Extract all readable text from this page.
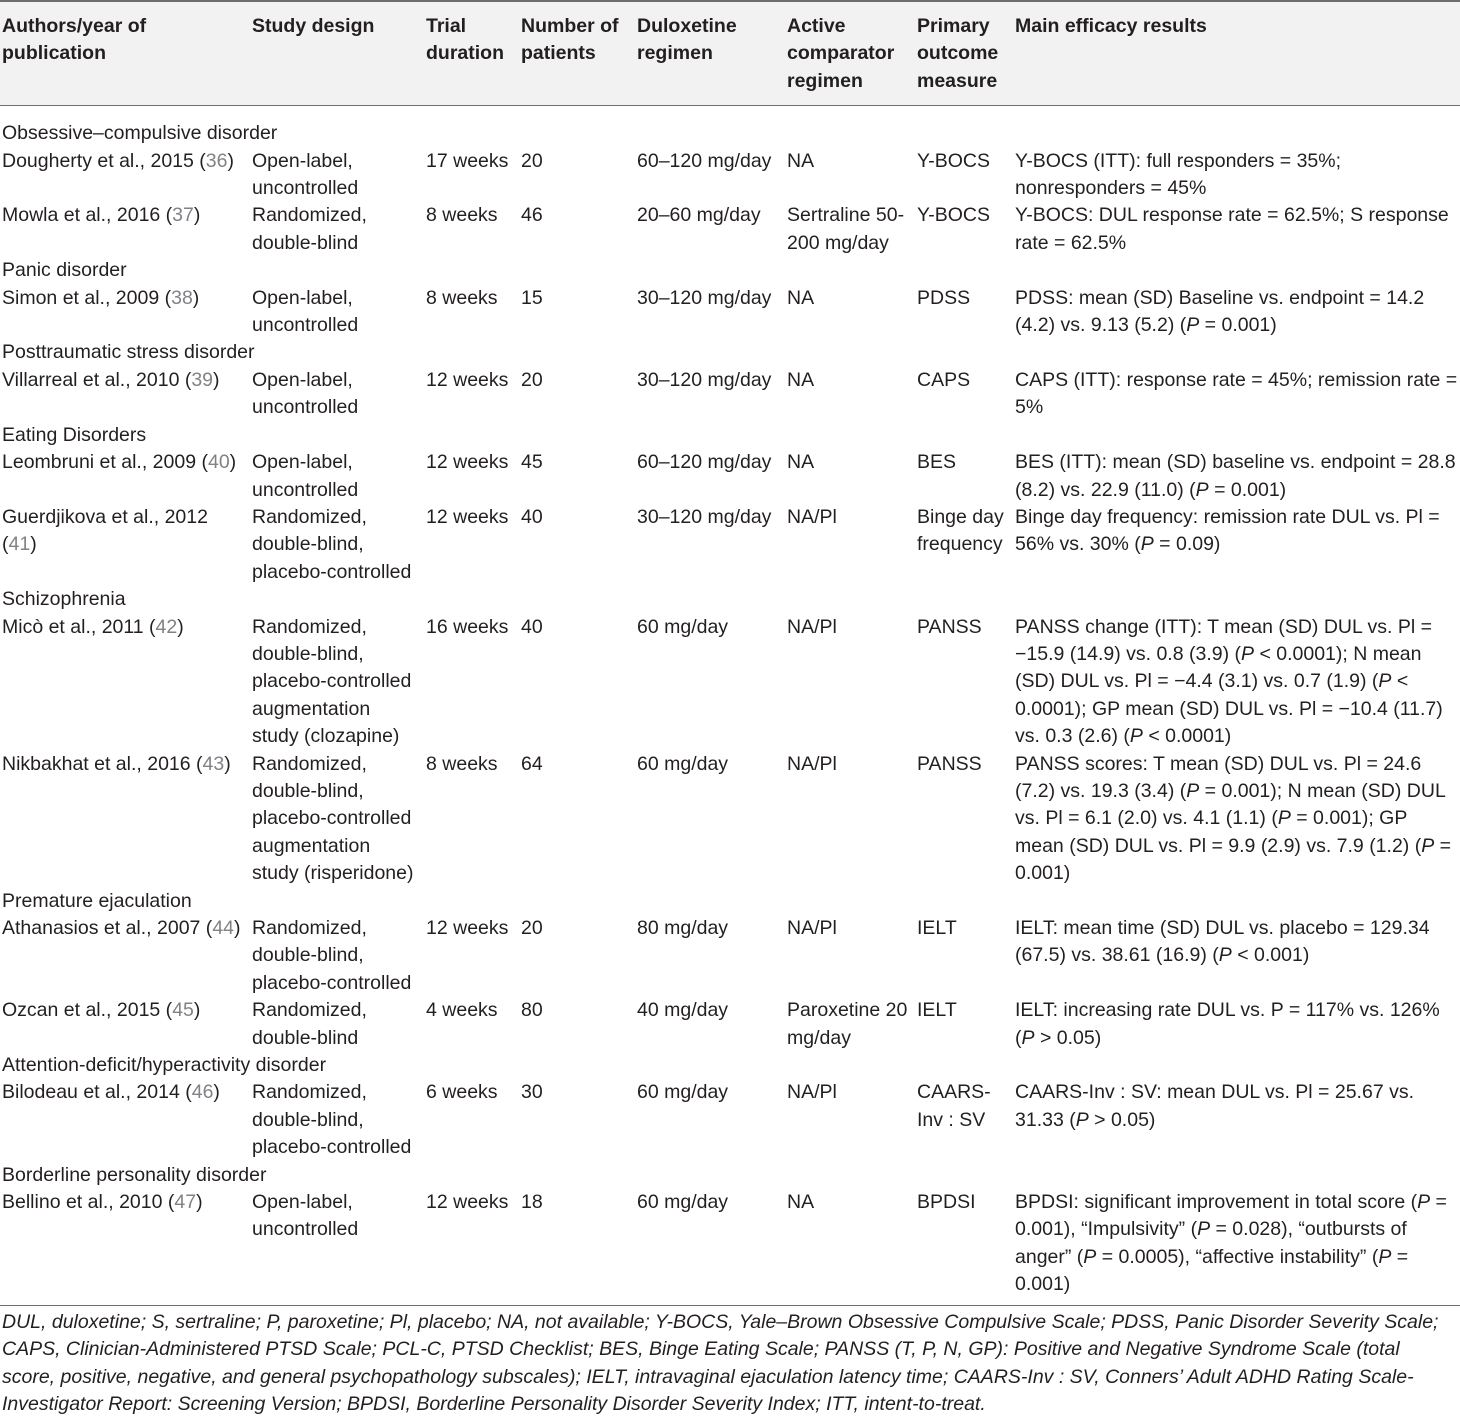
Authors/year of publication	Study design	Trial duration	Number of patients	Duloxetine regimen	Active comparator regimen	Primary outcome measure	Main efficacy results
Obsessive–compulsive disorder							
Dougherty et al., 2015 (36)	Open-label, uncontrolled	17 weeks	20	60–120 mg/day	NA	Y-BOCS	Y-BOCS (ITT): full responders = 35%; nonresponders = 45%
Mowla et al., 2016 (37)	Randomized, double-blind	8 weeks	46	20–60 mg/day	Sertraline 50-200 mg/day	Y-BOCS	Y-BOCS: DUL response rate = 62.5%; S response rate = 62.5%
Panic disorder							
Simon et al., 2009 (38)	Open-label, uncontrolled	8 weeks	15	30–120 mg/day	NA	PDSS	PDSS: mean (SD) Baseline vs. endpoint = 14.2 (4.2) vs. 9.13 (5.2) (P = 0.001)
Posttraumatic stress disorder							
Villarreal et al., 2010 (39)	Open-label, uncontrolled	12 weeks	20	30–120 mg/day	NA	CAPS	CAPS (ITT): response rate = 45%; remission rate = 5%
Eating Disorders							
Leombruni et al., 2009 (40)	Open-label, uncontrolled	12 weeks	45	60–120 mg/day	NA	BES	BES (ITT): mean (SD) baseline vs. endpoint = 28.8 (8.2) vs. 22.9 (11.0) (P = 0.001)
Guerdjikova et al., 2012 (41)	Randomized, double-blind, placebo-controlled	12 weeks	40	30–120 mg/day	NA/Pl	Binge day frequency	Binge day frequency: remission rate DUL vs. Pl = 56% vs. 30% (P = 0.09)
Schizophrenia							
Micò et al., 2011 (42)	Randomized, double-blind, placebo-controlled augmentation study (clozapine)	16 weeks	40	60 mg/day	NA/Pl	PANSS	PANSS change (ITT): T mean (SD) DUL vs. Pl = −15.9 (14.9) vs. 0.8 (3.9) (P < 0.0001); N mean (SD) DUL vs. Pl = −4.4 (3.1) vs. 0.7 (1.9) (P < 0.0001); GP mean (SD) DUL vs. Pl = −10.4 (11.7) vs. 0.3 (2.6) (P < 0.0001)
Nikbakhat et al., 2016 (43)	Randomized, double-blind, placebo-controlled augmentation study (risperidone)	8 weeks	64	60 mg/day	NA/Pl	PANSS	PANSS scores: T mean (SD) DUL vs. Pl = 24.6 (7.2) vs. 19.3 (3.4) (P = 0.001); N mean (SD) DUL vs. Pl = 6.1 (2.0) vs. 4.1 (1.1) (P = 0.001); GP mean (SD) DUL vs. Pl = 9.9 (2.9) vs. 7.9 (1.2) (P = 0.001)
Premature ejaculation							
Athanasios et al., 2007 (44)	Randomized, double-blind, placebo-controlled	12 weeks	20	80 mg/day	NA/Pl	IELT	IELT: mean time (SD) DUL vs. placebo = 129.34 (67.5) vs. 38.61 (16.9) (P < 0.001)
Ozcan et al., 2015 (45)	Randomized, double-blind	4 weeks	80	40 mg/day	Paroxetine 20 mg/day	IELT	IELT: increasing rate DUL vs. P = 117% vs. 126% (P > 0.05)
Attention-deficit/hyperactivity disorder							
Bilodeau et al., 2014 (46)	Randomized, double-blind, placebo-controlled	6 weeks	30	60 mg/day	NA/Pl	CAARS-Inv : SV	CAARS-Inv : SV: mean DUL vs. Pl = 25.67 vs. 31.33 (P > 0.05)
Borderline personality disorder							
Bellino et al., 2010 (47)	Open-label, uncontrolled	12 weeks	18	60 mg/day	NA	BPDSI	BPDSI: significant improvement in total score (P = 0.001), “Impulsivity” (P = 0.028), “outbursts of anger” (P = 0.0005), “affective instability” (P = 0.001)
DUL, duloxetine; S, sertraline; P, paroxetine; Pl, placebo; NA, not available; Y-BOCS, Yale–Brown Obsessive Compulsive Scale; PDSS, Panic Disorder Severity Scale; CAPS, Clinician-Administered PTSD Scale; PCL-C, PTSD Checklist; BES, Binge Eating Scale; PANSS (T, P, N, GP): Positive and Negative Syndrome Scale (total score, positive, negative, and general psychopathology subscales); IELT, intravaginal ejaculation latency time; CAARS-Inv : SV, Conners’ Adult ADHD Rating Scale-Investigator Report: Screening Version; BPDSI, Borderline Personality Disorder Severity Index; ITT, intent-to-treat.							
